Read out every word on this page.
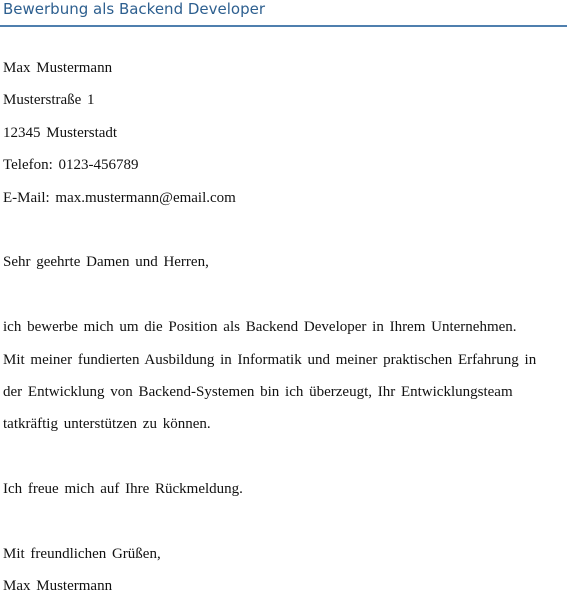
Bewerbung als Backend Developer
Max Mustermann
Musterstraße 1
12345 Musterstadt
Telefon: 0123-456789
E-Mail: max.mustermann@email.com
Sehr geehrte Damen und Herren,
ich bewerbe mich um die Position als Backend Developer in Ihrem Unternehmen.
Mit meiner fundierten Ausbildung in Informatik und meiner praktischen Erfahrung in
der Entwicklung von Backend-Systemen bin ich überzeugt, Ihr Entwicklungsteam
tatkräftig unterstützen zu können.
Ich freue mich auf Ihre Rückmeldung.
Mit freundlichen Grüßen,
Max Mustermann
